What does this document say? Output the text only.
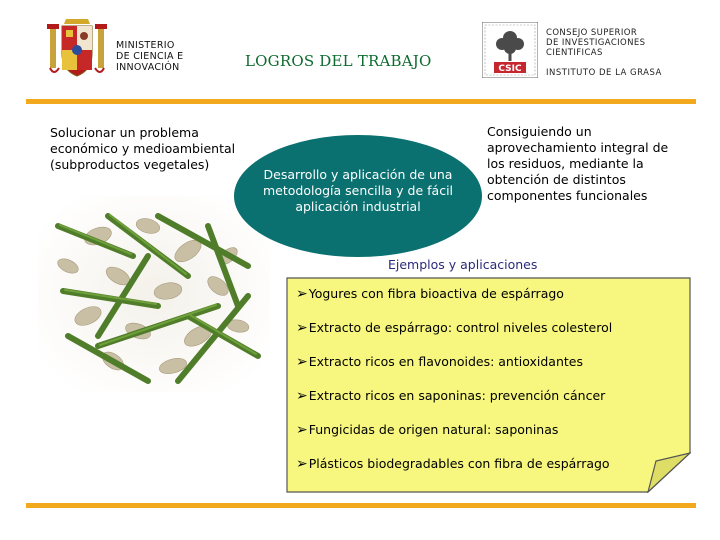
MINISTERIO
DE CIENCIA E
INNOVACIÓN	LOGROS DEL TRABAJO	CSIC
CONSEJO SUPERIOR
DE INVESTIGACIONES
CIENTIFICAS
INSTITUTO DE LA GRASA
Solucionar un problema
económico y medioambiental
(subproductos vegetales)
Desarrollo y aplicación de una
metodología sencilla y de fácil
aplicación industrial
Consiguiendo un
aprovechamiento integral de
los residuos, mediante la
obtención de distintos
componentes funcionales
Ejemplos y aplicaciones
➢Yogures con fibra bioactiva de espárrago
➢Extracto de espárrago: control niveles colesterol
➢Extracto ricos en flavonoides: antioxidantes
➢Extracto ricos en saponinas: prevención cáncer
➢Fungicidas de origen natural: saponinas
➢Plásticos biodegradables con fibra de espárrago
